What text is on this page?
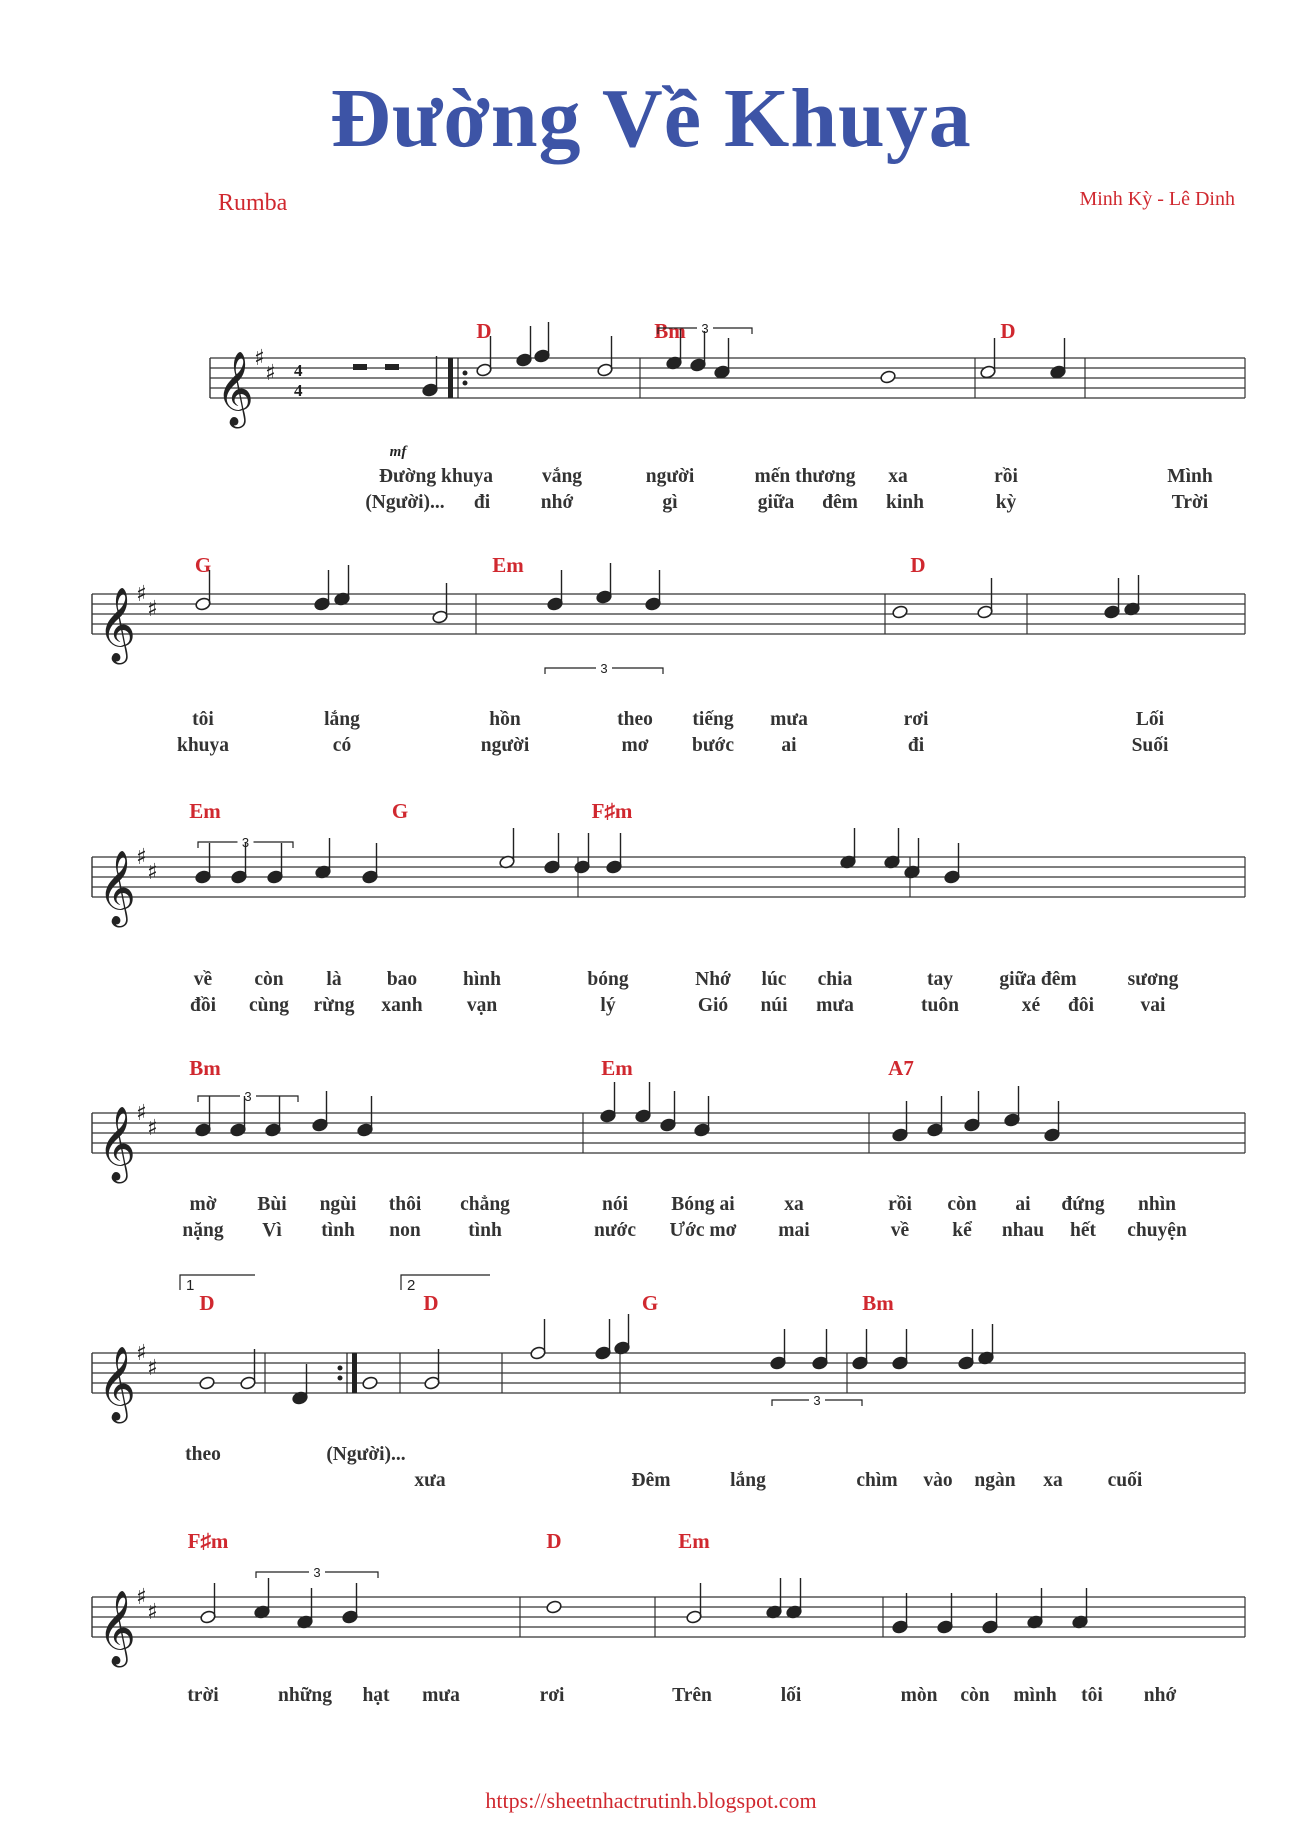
Đường Về Khuya
Rumba	Minh Kỳ - Lê Dinh
𝄞 ♯
♯ 4
4
D	Bm	D
3
mf
Đường khuya	vắng	người	mến thương xa	rồi	Mình
(Người)... đi	nhớ	gì	giữa đêm kinh	kỳ	Trời
𝄞 ♯
♯
G	Em	D
3
tôi	lắng	hồn	theo tiếng mưa	rơi	Lối
khuya	có	người	mơ bước ai	đi	Suối
𝄞 ♯
♯
Em	G	F♯m
3
về còn là bao hình	bóng	Nhớ lúc chia	tay giữa đêm	sương
đồi cùng rừng xanh vạn	lý	Gió núi mưa	tuôn	xé đôi vai
𝄞 ♯
♯
Bm	Em	A7
3
mờ Bùi ngùi thôi chẳng	nói Bóng ai	xa	rồi còn ai đứng nhìn
nặng Vì tình non tình	nước Ước mơ mai	về kể nhau hết chuyện
𝄞 ♯
♯
D	D	G	Bm
3
1	2
theo	(Người)...
xưa	Đêm	lắng	chìm vào ngàn xa cuối
𝄞 ♯
♯
F♯m	D	Em
3
trời	những hạt mưa	rơi	Trên	lối	mòn còn mình tôi nhớ
https://sheetnhactrutinh.blogspot.com
